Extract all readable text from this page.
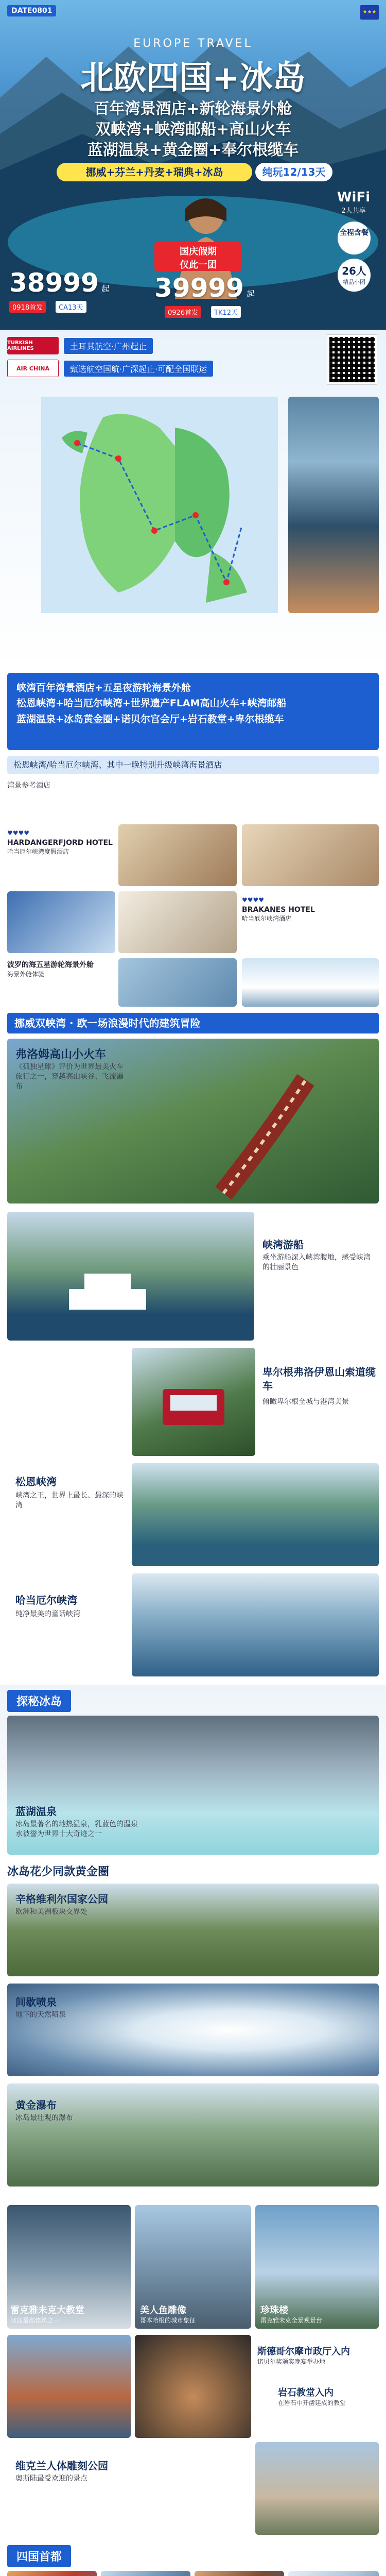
DATE0801	★★★
EUROPE TRAVEL
北欧四国+冰岛
百年湾景酒店+新轮海景外舱
双峡湾+峡湾邮船+高山火车
蓝湖温泉+黄金圈+奉尔根缆车
挪威+芬兰+丹麦+瑞典+冰岛	纯玩12/13天
WiFi
2人共享
全程含餐
26人
精品小团
国庆假期
仅此一团
38999 起
0918首发	CA13天
39999 起
0926首发	TK12天
TURKISH AIRLINES	土耳其航空·广州起止
AIR CHINA	甄选航空国航·广深起止·可配全国联运
峡湾百年湾景酒店+五星夜游轮海景外舱
松恩峡湾+哈当厄尔峡湾+世界遗产FLAM高山火车+峡湾邮船
蓝湖温泉+冰岛黄金圈+诺贝尔宫会厅+岩石教堂+卑尔根缆车
松恩峡湾/哈当厄尔峡湾、其中一晚特别升级峡湾海景酒店
湾景参考酒店
♥♥♥♥
HARDANGERFJORD HOTEL
哈当厄尔峡湾度假酒店
♥♥♥♥
BRAKANES HOTEL
哈当厄尔峡湾酒店
波罗的海五星游轮海景外舱
海景外舱体验
挪威双峡湾 · 欧一场浪漫时代的建筑冒险
弗洛姆高山小火车
《孤独星球》评价为世界最美火车旅行之一，穿越高山峡谷、飞流瀑布
峡湾游船
乘坐游船深入峡湾腹地，感受峡湾的壮丽景色
卑尔根弗洛伊恩山索道缆车
俯瞰卑尔根全城与港湾美景
松恩峡湾
峡湾之王，世界上最长、最深的峡湾
哈当厄尔峡湾
纯净最美的童话峡湾
探秘冰岛
蓝湖温泉
冰岛最著名的地热温泉，乳蓝色的温泉水被誉为世界十大奇迹之一
冰岛花少同款黄金圈
辛格维利尔国家公园
欧洲和美洲板块交界处
间歇喷泉
地下的天然喷泉
黄金瀑布
冰岛最壮观的瀑布
雷克雅未克大教堂
冰岛最高建筑之一
美人鱼雕像
哥本哈根的城市象征
珍珠楼
雷克雅未克全景观景台
斯德哥尔摩市政厅入内
诺贝尔奖颁奖晚宴举办地
岩石教堂入内
在岩石中开凿建成的教堂
维克兰人体雕刻公园
奥斯陆最受欢迎的景点
四国首都
